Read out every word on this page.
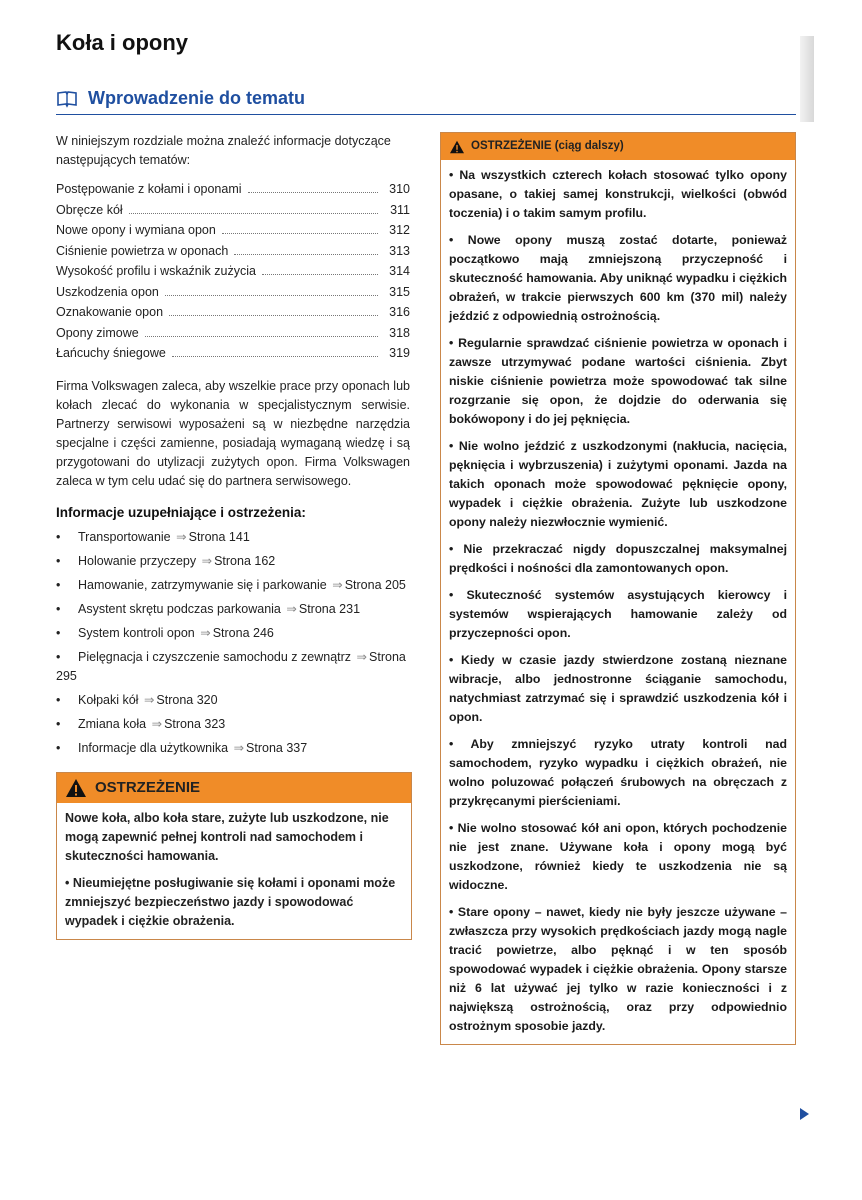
Koła i opony
Wprowadzenie do tematu

W niniejszym rozdziale można znaleźć informacje dotyczące następujących tematów:

Postępowanie z kołami i oponami	310
Obręcze kół	311
Nowe opony i wymiana opon	312
Ciśnienie powietrza w oponach	313
Wysokość profilu i wskaźnik zużycia	314
Uszkodzenia opon	315
Oznakowanie opon	316
Opony zimowe	318
Łańcuchy śniegowe	319

Firma Volkswagen zaleca, aby wszelkie prace przy oponach lub kołach zlecać do wykonania w specjalistycznym serwisie. Partnerzy serwisowi wyposażeni są w niezbędne narzędzia specjalne i części zamienne, posiadają wymaganą wiedzę i są przygotowani do utylizacji zużytych opon. Firma Volkswagen zaleca w tym celu udać się do partnera serwisowego.

Informacje uzupełniające i ostrzeżenia:

• Transportowanie ⇒ Strona 141
• Holowanie przyczepy ⇒ Strona 162
• Hamowanie, zatrzymywanie się i parkowanie ⇒ Strona 205
• Asystent skrętu podczas parkowania ⇒ Strona 231
• System kontroli opon ⇒ Strona 246
• Pielęgnacja i czyszczenie samochodu z zewnątrz ⇒ Strona 295
• Kołpaki kół ⇒ Strona 320
• Zmiana koła ⇒ Strona 323
• Informacje dla użytkownika ⇒ Strona 337
OSTRZEŻENIE

Nowe koła, albo koła stare, zużyte lub uszkodzone, nie mogą zapewnić pełnej kontroli nad samochodem i skuteczności hamowania.

• Nieumiejętne posługiwanie się kołami i oponami może zmniejszyć bezpieczeństwo jazdy i spowodować wypadek i ciężkie obrażenia.

OSTRZEŻENIE (ciąg dalszy)

• Na wszystkich czterech kołach stosować tylko opony opasane, o takiej samej konstrukcji, wielkości (obwód toczenia) i o takim samym profilu.

• Nowe opony muszą zostać dotarte, ponieważ początkowo mają zmniejszoną przyczepność i skuteczność hamowania. Aby uniknąć wypadku i ciężkich obrażeń, w trakcie pierwszych 600 km (370 mil) należy jeździć z odpowiednią ostrożnością.

• Regularnie sprawdzać ciśnienie powietrza w oponach i zawsze utrzymywać podane wartości ciśnienia. Zbyt niskie ciśnienie powietrza może spowodować tak silne rozgrzanie się opon, że dojdzie do oderwania się bokówopony i do jej pęknięcia.

• Nie wolno jeździć z uszkodzonymi (nakłucia, nacięcia, pęknięcia i wybrzuszenia) i zużytymi oponami. Jazda na takich oponach może spowodować pęknięcie opony, wypadek i ciężkie obrażenia. Zużyte lub uszkodzone opony należy niezwłocznie wymienić.

• Nie przekraczać nigdy dopuszczalnej maksymalnej prędkości i nośności dla zamontowanych opon.

• Skuteczność systemów asystujących kierowcy i systemów wspierających hamowanie zależy od przyczepności opon.

• Kiedy w czasie jazdy stwierdzone zostaną nieznane wibracje, albo jednostronne ściąganie samochodu, natychmiast zatrzymać się i sprawdzić uszkodzenia kół i opon.

• Aby zmniejszyć ryzyko utraty kontroli nad samochodem, ryzyko wypadku i ciężkich obrażeń, nie wolno poluzować połączeń śrubowych na obręczach z przykręcanymi pierścieniami.

• Nie wolno stosować kół ani opon, których pochodzenie nie jest znane. Używane koła i opony mogą być uszkodzone, również kiedy te uszkodzenia nie są widoczne.

• Stare opony – nawet, kiedy nie były jeszcze używane – zwłaszcza przy wysokich prędkościach jazdy mogą nagle tracić powietrze, albo pęknąć i w ten sposób spowodować wypadek i ciężkie obrażenia. Opony starsze niż 6 lat używać jej tylko w razie konieczności i z największą ostrożnością, oraz przy odpowiednio ostrożnym sposobie jazdy.
